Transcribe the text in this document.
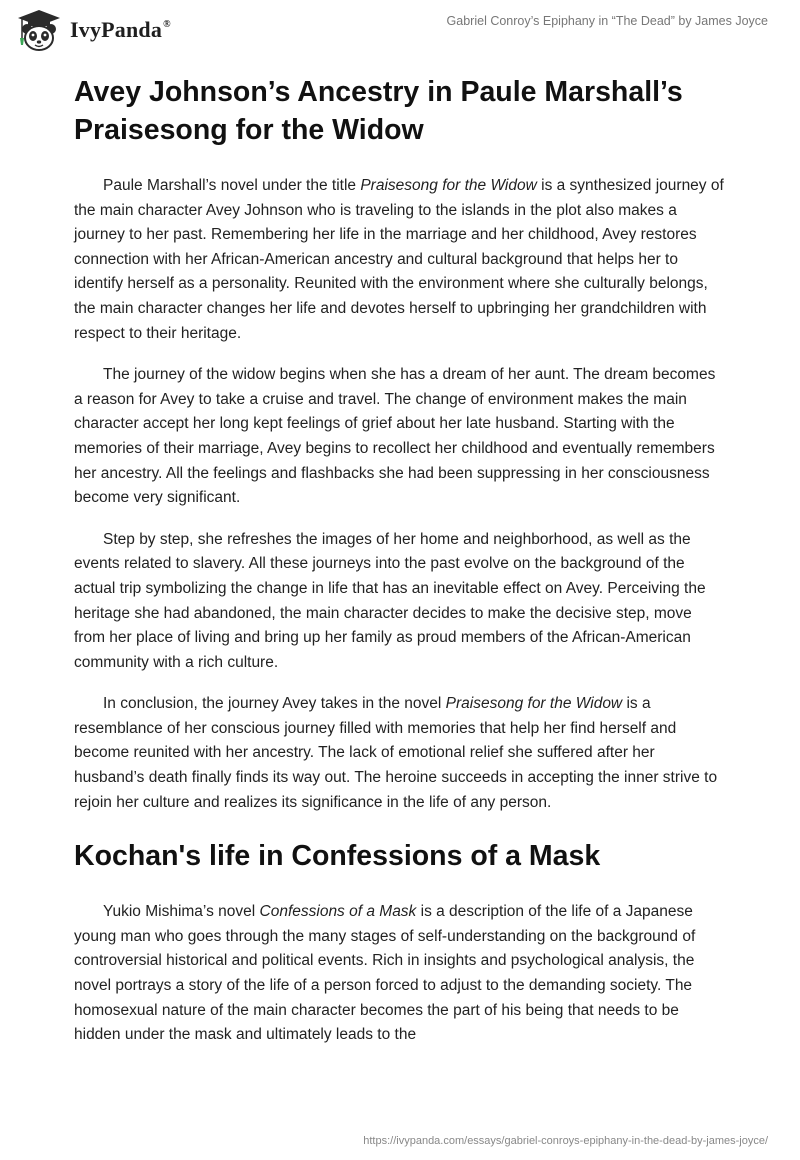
IvyPanda®	Gabriel Conroy’s Epiphany in “The Dead” by James Joyce
Avey Johnson’s Ancestry in Paule Marshall’s Praisesong for the Widow

Paule Marshall’s novel under the title Praisesong for the Widow is a synthesized journey of the main character Avey Johnson who is traveling to the islands in the plot also makes a journey to her past. Remembering her life in the marriage and her childhood, Avey restores connection with her African-American ancestry and cultural background that helps her to identify herself as a personality. Reunited with the environment where she culturally belongs, the main character changes her life and devotes herself to upbringing her grandchildren with respect to their heritage.

The journey of the widow begins when she has a dream of her aunt. The dream becomes a reason for Avey to take a cruise and travel. The change of environment makes the main character accept her long kept feelings of grief about her late husband. Starting with the memories of their marriage, Avey begins to recollect her childhood and eventually remembers her ancestry. All the feelings and flashbacks she had been suppressing in her consciousness become very significant.

Step by step, she refreshes the images of her home and neighborhood, as well as the events related to slavery. All these journeys into the past evolve on the background of the actual trip symbolizing the change in life that has an inevitable effect on Avey. Perceiving the heritage she had abandoned, the main character decides to make the decisive step, move from her place of living and bring up her family as proud members of the African-American community with a rich culture.

In conclusion, the journey Avey takes in the novel Praisesong for the Widow is a resemblance of her conscious journey filled with memories that help her find herself and become reunited with her ancestry. The lack of emotional relief she suffered after her husband’s death finally finds its way out. The heroine succeeds in accepting the inner strive to rejoin her culture and realizes its significance in the life of any person.

Kochan's life in Confessions of a Mask

Yukio Mishima’s novel Confessions of a Mask is a description of the life of a Japanese young man who goes through the many stages of self-understanding on the background of controversial historical and political events. Rich in insights and psychological analysis, the novel portrays a story of the life of a person forced to adjust to the demanding society. The homosexual nature of the main character becomes the part of his being that needs to be hidden under the mask and ultimately leads to the

https://ivypanda.com/essays/gabriel-conroys-epiphany-in-the-dead-by-james-joyce/
